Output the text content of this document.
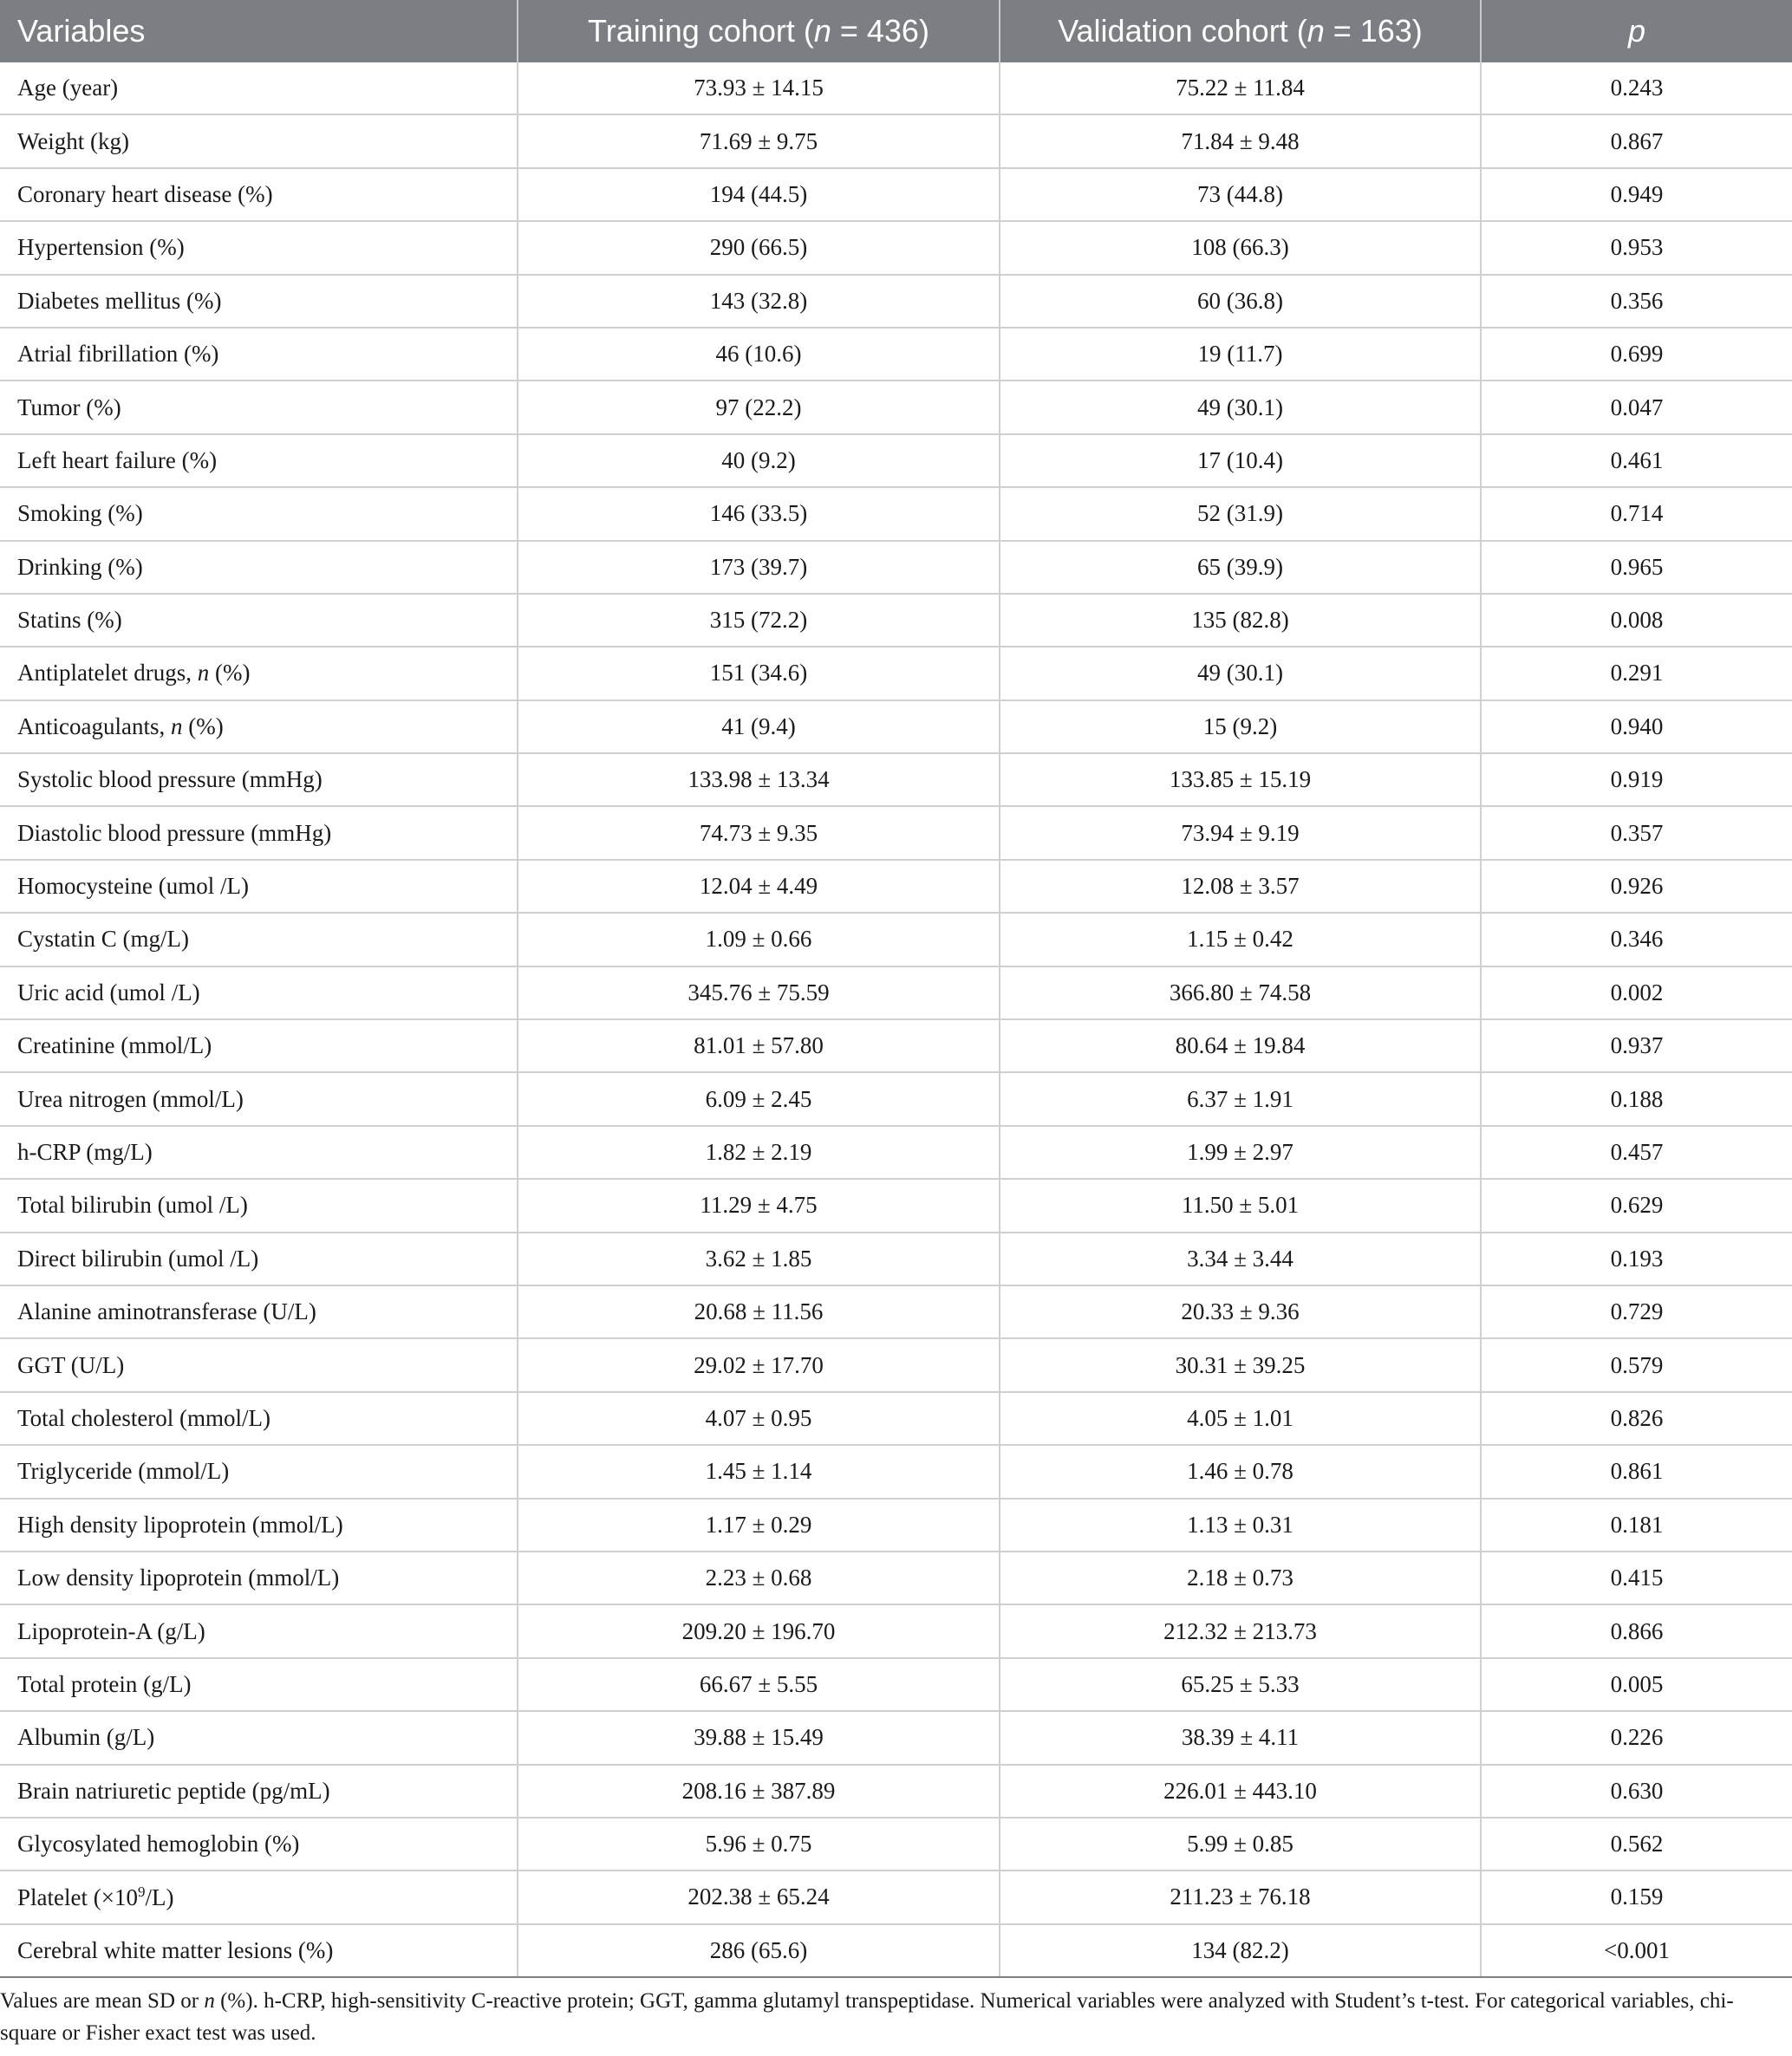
Variables	Training cohort (n = 436)	Validation cohort (n = 163)	p
Age (year)	73.93 ± 14.15	75.22 ± 11.84	0.243
Weight (kg)	71.69 ± 9.75	71.84 ± 9.48	0.867
Coronary heart disease (%)	194 (44.5)	73 (44.8)	0.949
Hypertension (%)	290 (66.5)	108 (66.3)	0.953
Diabetes mellitus (%)	143 (32.8)	60 (36.8)	0.356
Atrial fibrillation (%)	46 (10.6)	19 (11.7)	0.699
Tumor (%)	97 (22.2)	49 (30.1)	0.047
Left heart failure (%)	40 (9.2)	17 (10.4)	0.461
Smoking (%)	146 (33.5)	52 (31.9)	0.714
Drinking (%)	173 (39.7)	65 (39.9)	0.965
Statins (%)	315 (72.2)	135 (82.8)	0.008
Antiplatelet drugs, n (%)	151 (34.6)	49 (30.1)	0.291
Anticoagulants, n (%)	41 (9.4)	15 (9.2)	0.940
Systolic blood pressure (mmHg)	133.98 ± 13.34	133.85 ± 15.19	0.919
Diastolic blood pressure (mmHg)	74.73 ± 9.35	73.94 ± 9.19	0.357
Homocysteine (umol /L)	12.04 ± 4.49	12.08 ± 3.57	0.926
Cystatin C (mg/L)	1.09 ± 0.66	1.15 ± 0.42	0.346
Uric acid (umol /L)	345.76 ± 75.59	366.80 ± 74.58	0.002
Creatinine (mmol/L)	81.01 ± 57.80	80.64 ± 19.84	0.937
Urea nitrogen (mmol/L)	6.09 ± 2.45	6.37 ± 1.91	0.188
h-CRP (mg/L)	1.82 ± 2.19	1.99 ± 2.97	0.457
Total bilirubin (umol /L)	11.29 ± 4.75	11.50 ± 5.01	0.629
Direct bilirubin (umol /L)	3.62 ± 1.85	3.34 ± 3.44	0.193
Alanine aminotransferase (U/L)	20.68 ± 11.56	20.33 ± 9.36	0.729
GGT (U/L)	29.02 ± 17.70	30.31 ± 39.25	0.579
Total cholesterol (mmol/L)	4.07 ± 0.95	4.05 ± 1.01	0.826
Triglyceride (mmol/L)	1.45 ± 1.14	1.46 ± 0.78	0.861
High density lipoprotein (mmol/L)	1.17 ± 0.29	1.13 ± 0.31	0.181
Low density lipoprotein (mmol/L)	2.23 ± 0.68	2.18 ± 0.73	0.415
Lipoprotein-A (g/L)	209.20 ± 196.70	212.32 ± 213.73	0.866
Total protein (g/L)	66.67 ± 5.55	65.25 ± 5.33	0.005
Albumin (g/L)	39.88 ± 15.49	38.39 ± 4.11	0.226
Brain natriuretic peptide (pg/mL)	208.16 ± 387.89	226.01 ± 443.10	0.630
Glycosylated hemoglobin (%)	5.96 ± 0.75	5.99 ± 0.85	0.562
Platelet $(\times 10^9/L)$	202.38 ± 65.24	211.23 ± 76.18	0.159
Cerebral white matter lesions (%)	286 (65.6)	134 (82.2)	<0.001
Values are mean SD or n (%). h-CRP, high-sensitivity C-reactive protein; GGT, gamma glutamyl transpeptidase. Numerical variables were analyzed with Student’s t-test. For categorical variables, chi-square or Fisher exact test was used.
